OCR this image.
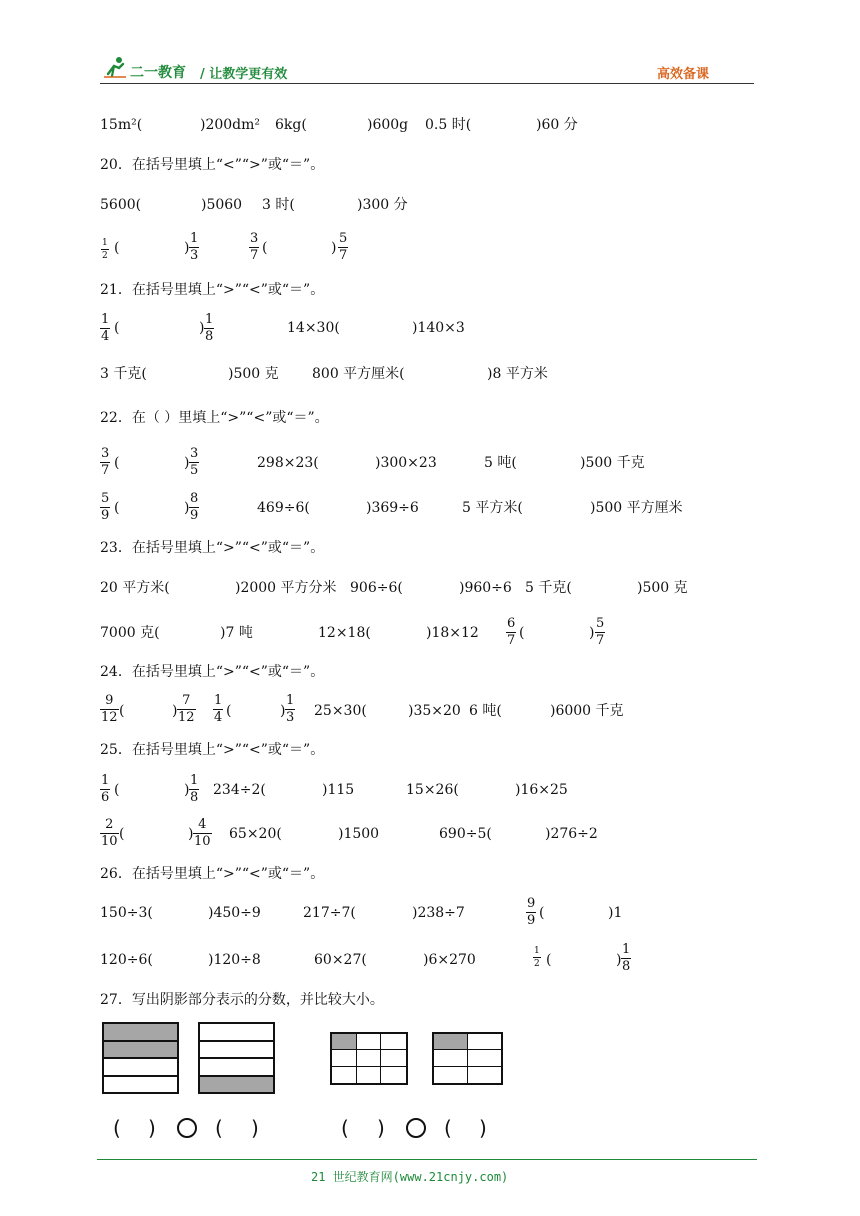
二一教育 / 让教学更有效	高效备课
15m²(	)200dm² 6kg(	)600g 0.5 时(	)60 分
20．在括号里填上“<”“>”或“＝”。
5600(	)5060 3 时(	)300 分
1
2 (	)
1
3
3
7 (	)
5
7
21．在括号里填上“>”“<”或“＝”。
1
4
(	)
1
8
14×30(	)140×3
3 千克(	)500 克 800 平方厘米(	)8 平方米
22．在（ ）里填上“>”“<”或“＝”。
3
7 (	)
3
5	298×23(	)300×23	5 吨(	)500 千克
5
9 (	)
8
9	469÷6(	)369÷6	5 平方米(	)500 平方厘米
23．在括号里填上“>”“<”或“＝”。
20 平方米(	)2000 平方分米 906÷6(	)960÷6 5 千克(	)500 克
7000 克(	)7 吨	12×18(	)18×12
6
7 (	)
5
7
24．在括号里填上“>”“<”或“＝”。
9
12 (	)
7
12
1
4 (	)
1
3 25×30(	)35×20 6 吨(	)6000 千克
25．在括号里填上“>”“<”或“＝”。
1
6 (	)
1
8 234÷2(	)115	15×26(	)16×25
2
10 (	)
4
10 65×20(	)1500	690÷5(	)276÷2
26．在括号里填上“>”“<”或“＝”。
150÷3(	)450÷9	217÷7(	)238÷7
9
9 (	)1
120÷6(	)120÷8	60×27(	)6×270
1
2 (	)
1
8
27．写出阴影部分表示的分数，并比较大小。
( )	( )	( )	( )
21 世纪教育网(www.21cnjy.com)
